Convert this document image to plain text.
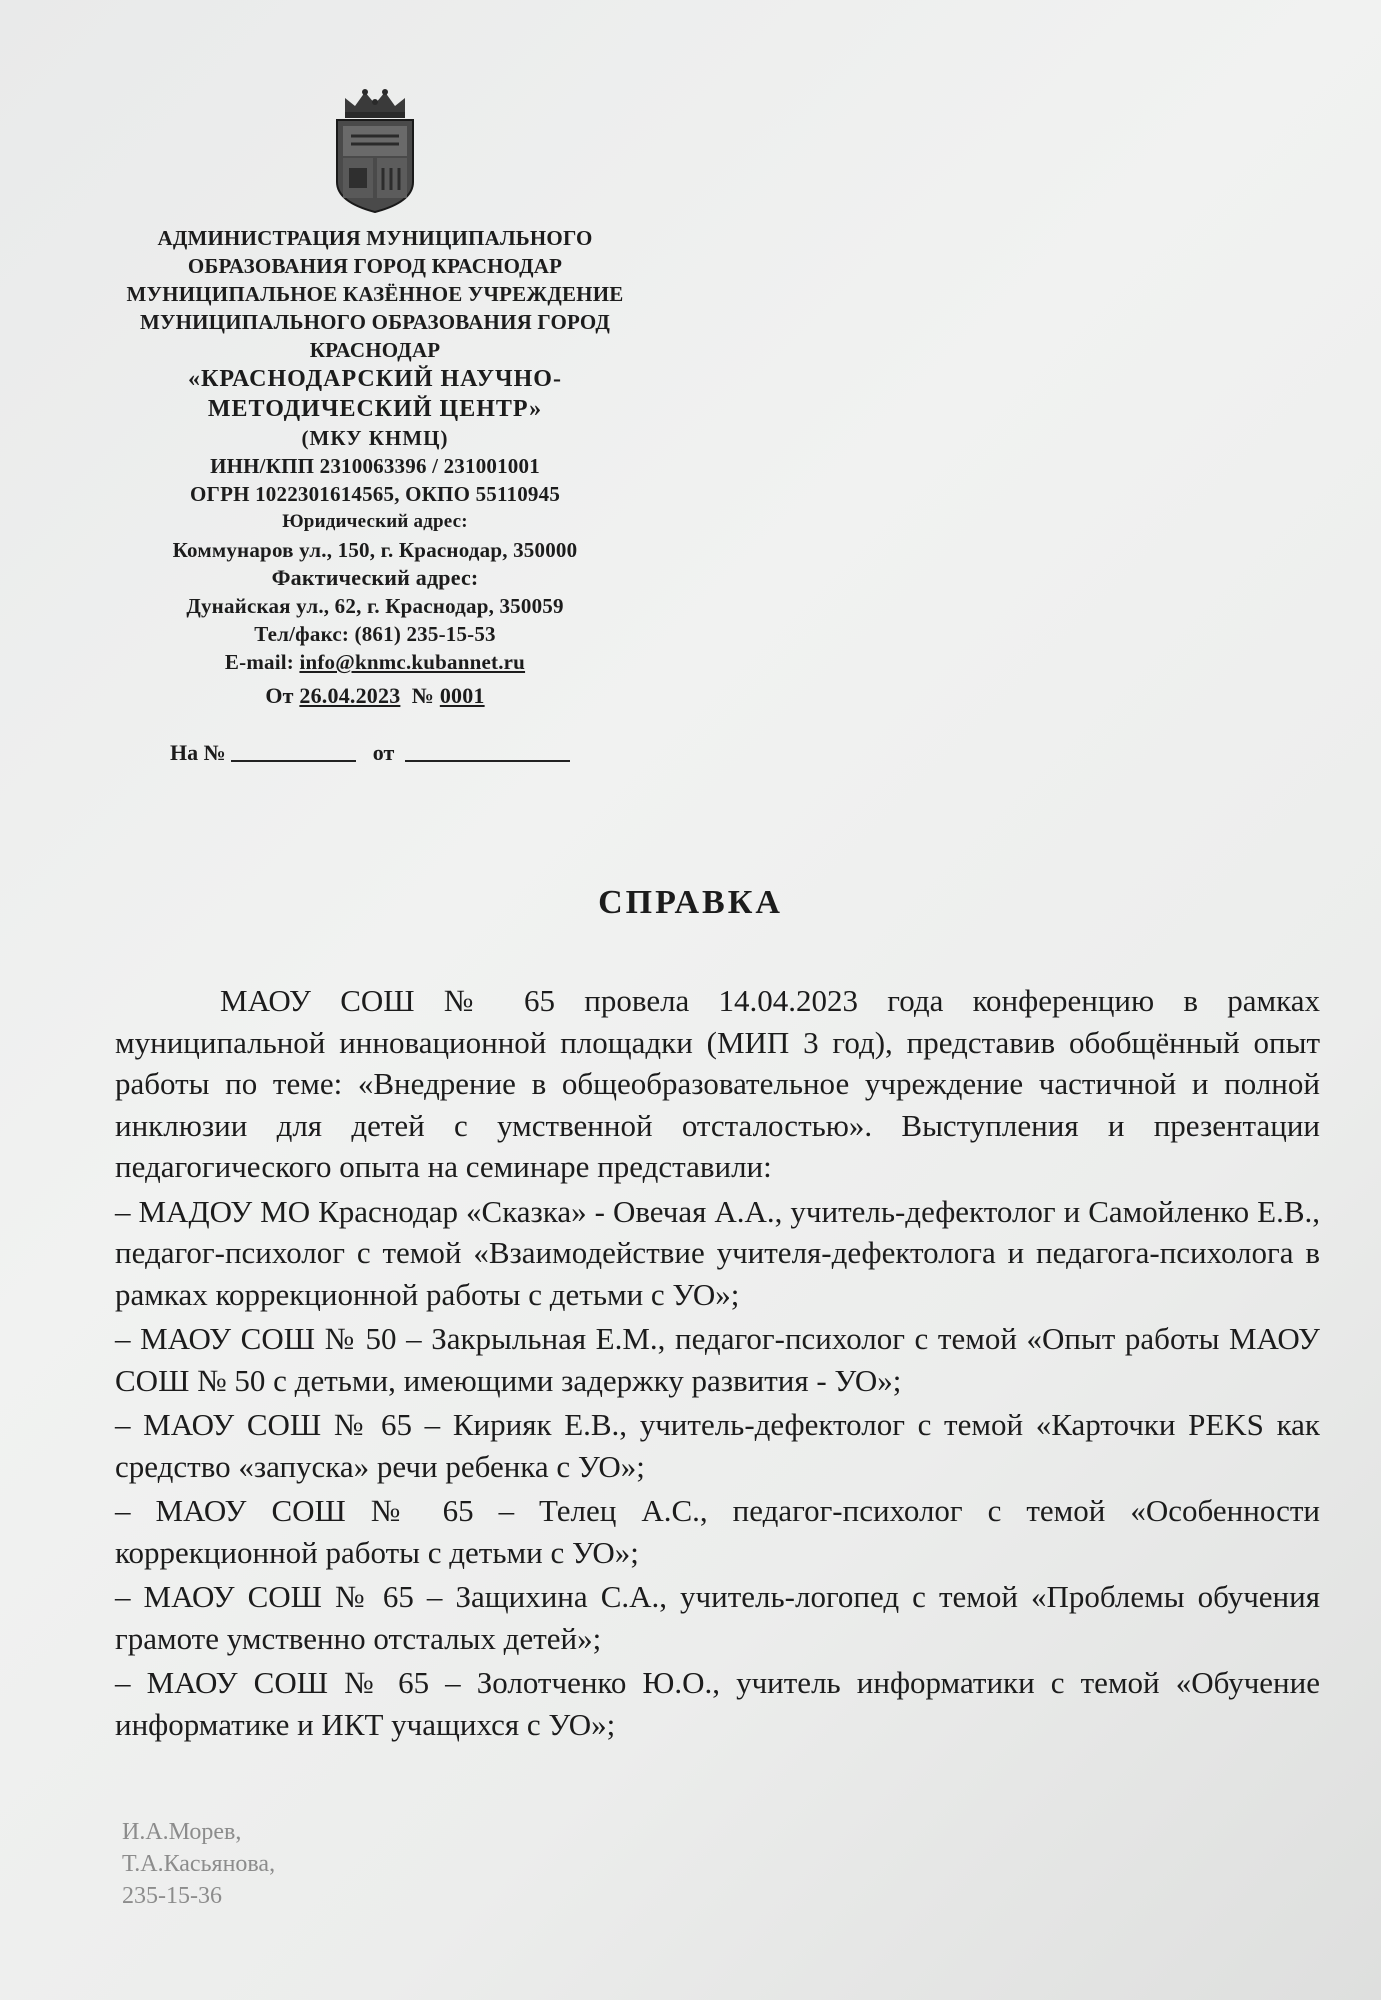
АДМИНИСТРАЦИЯ МУНИЦИПАЛЬНОГО
ОБРАЗОВАНИЯ ГОРОД КРАСНОДАР
МУНИЦИПАЛЬНОЕ КАЗЁННОЕ УЧРЕЖДЕНИЕ
МУНИЦИПАЛЬНОГО ОБРАЗОВАНИЯ ГОРОД
КРАСНОДАР
«КРАСНОДАРСКИЙ НАУЧНО-
МЕТОДИЧЕСКИЙ ЦЕНТР»
(МКУ КНМЦ)
ИНН/КПП 2310063396 / 231001001
ОГРН 1022301614565, ОКПО 55110945
Юридический адрес:
Коммунаров ул., 150, г. Краснодар, 350000
Фактический адрес:
Дунайская ул., 62, г. Краснодар, 350059
Тел/факс: (861) 235-15-53
E-mail: info@knmc.kubannet.ru
От 26.04.2023 № 0001
На №	от
СПРАВКА

МАОУ СОШ № 65 провела 14.04.2023 года конференцию в рамках муниципальной инновационной площадки (МИП 3 год), представив обобщённый опыт работы по теме: «Внедрение в общеобразовательное учреждение частичной и полной инклюзии для детей с умственной отсталостью». Выступления и презентации педагогического опыта на семинаре представили:

– МАДОУ МО Краснодар «Сказка» - Овечая А.А., учитель-дефектолог и Самойленко Е.В., педагог-психолог с темой «Взаимодействие учителя-дефектолога и педагога-психолога в рамках коррекционной работы с детьми с УО»;

– МАОУ СОШ № 50 – Закрыльная Е.М., педагог-психолог с темой «Опыт работы МАОУ СОШ № 50 с детьми, имеющими задержку развития - УО»;

– МАОУ СОШ № 65 – Кирияк Е.В., учитель-дефектолог с темой «Карточки PEKS как средство «запуска» речи ребенка с УО»;

– МАОУ СОШ № 65 – Телец А.С., педагог-психолог с темой «Особенности коррекционной работы с детьми с УО»;

– МАОУ СОШ № 65 – Защихина С.А., учитель-логопед с темой «Проблемы обучения грамоте умственно отсталых детей»;

– МАОУ СОШ № 65 – Золотченко Ю.О., учитель информатики с темой «Обучение информатике и ИКТ учащихся с УО»;

И.А.Морев,
Т.А.Касьянова,
235-15-36
